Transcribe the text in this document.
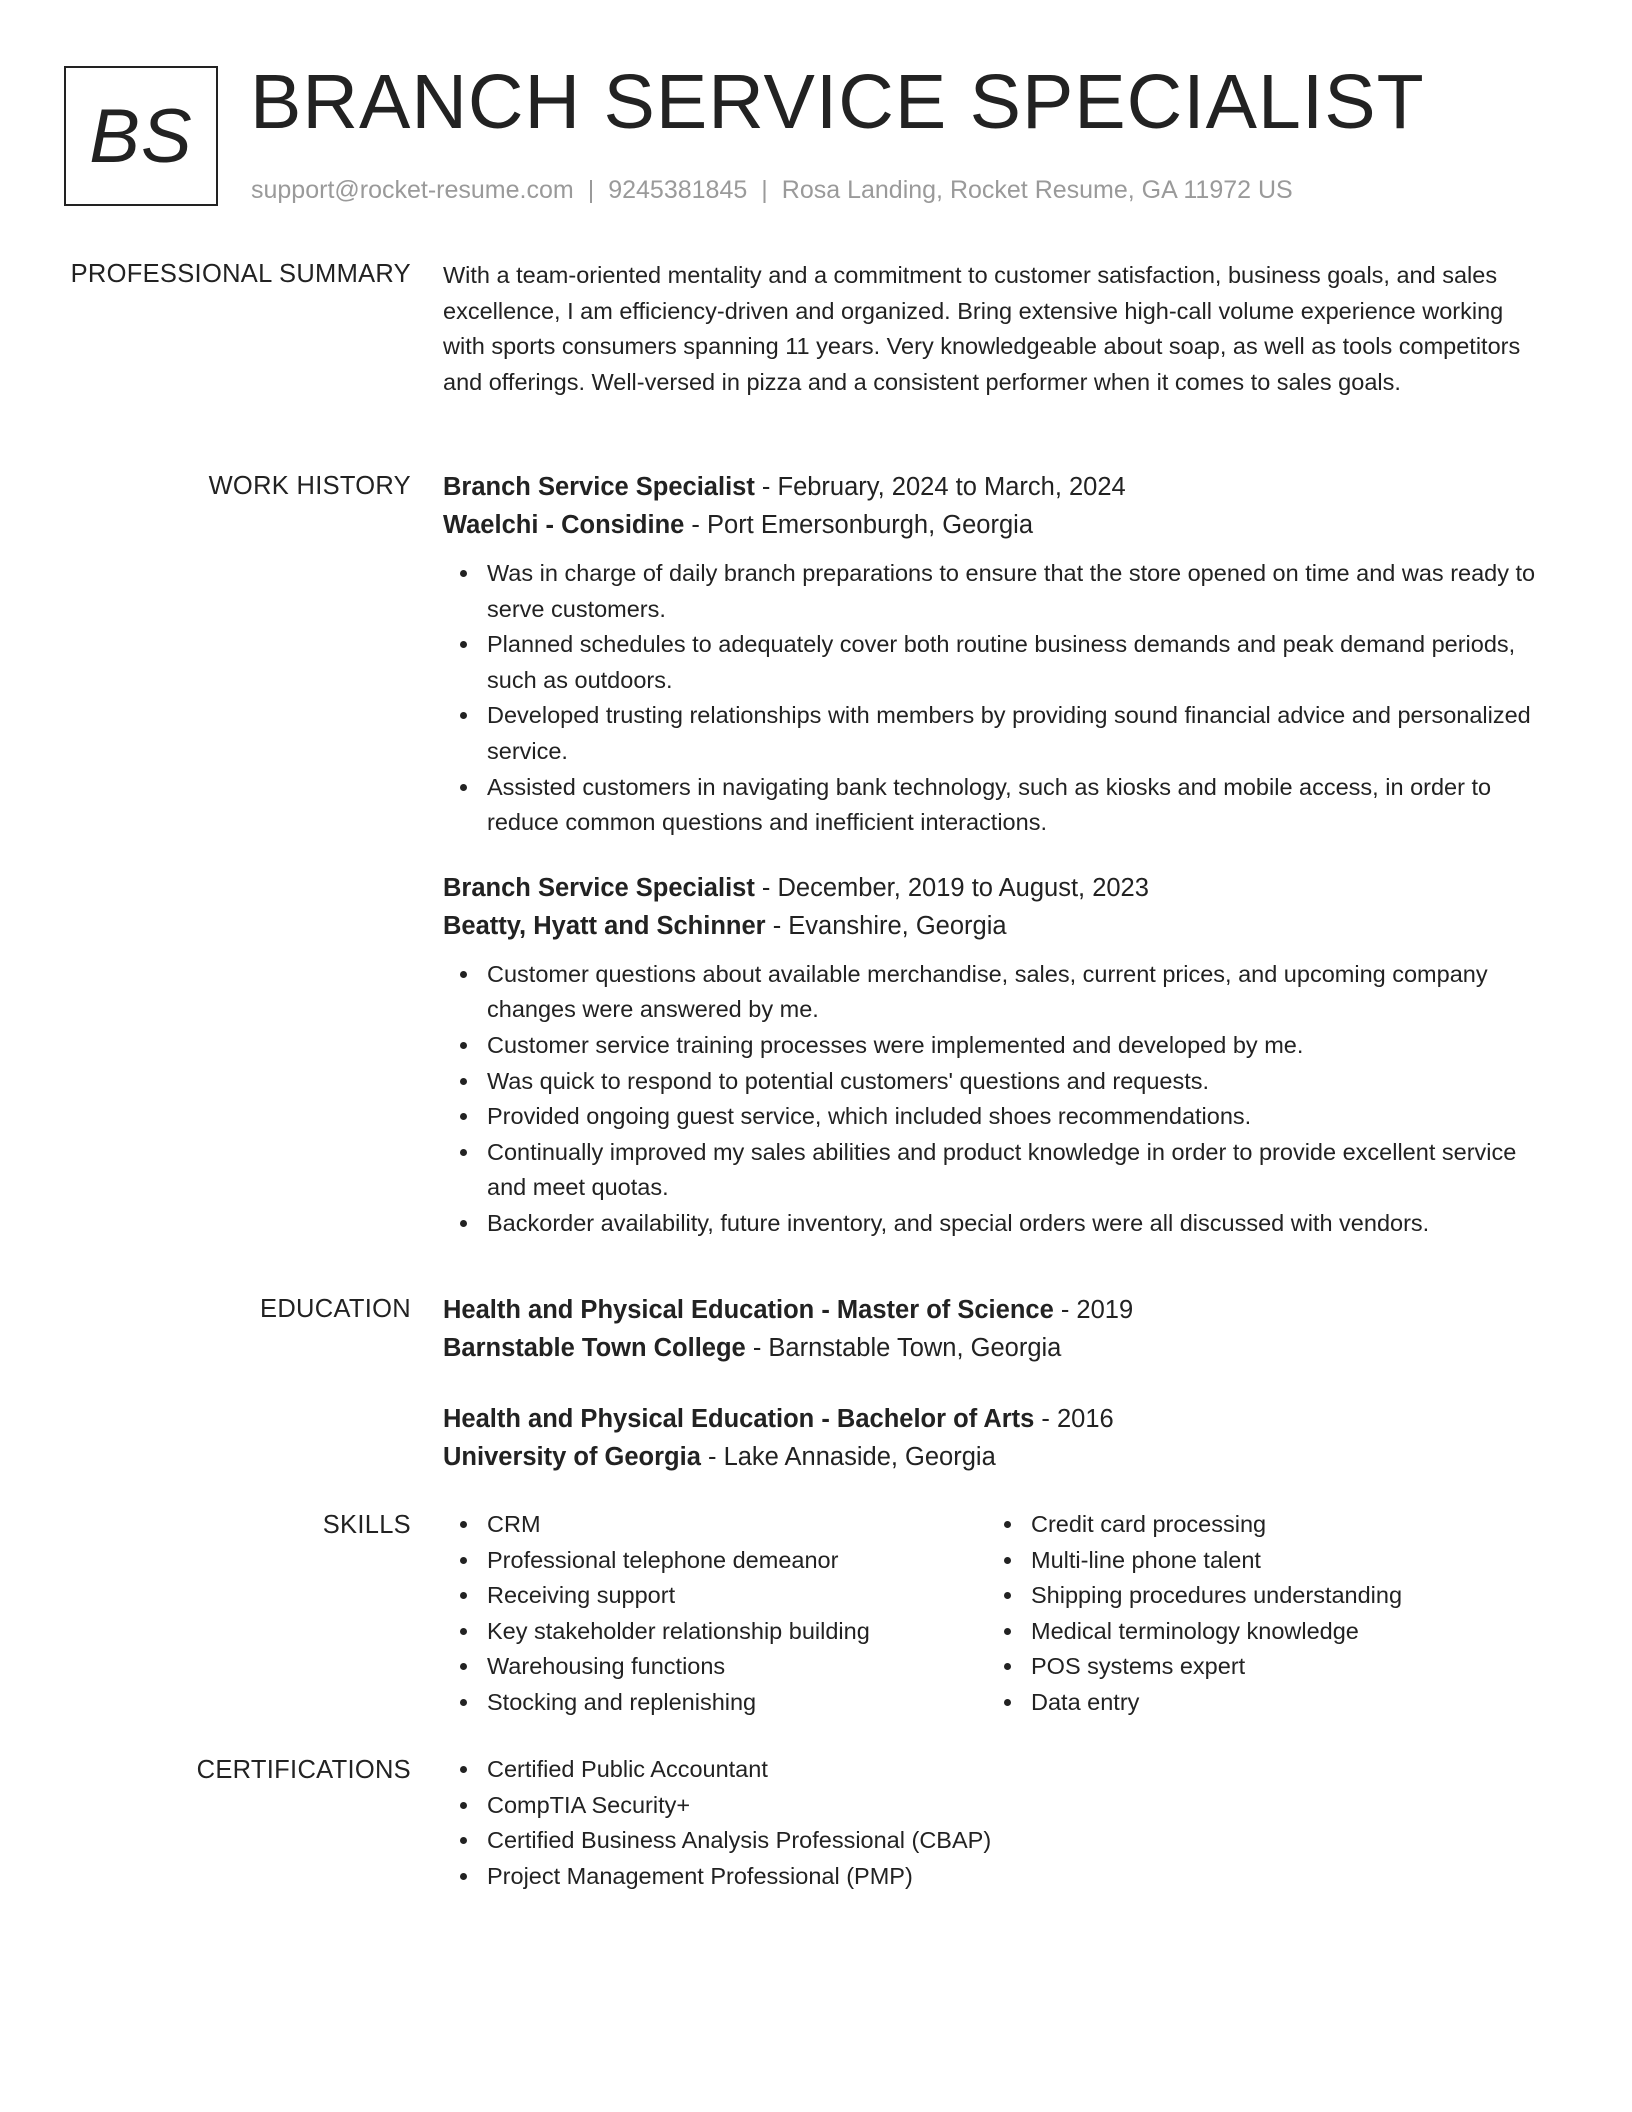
BS BRANCH SERVICE SPECIALIST
support@rocket-resume.com | 9245381845 | Rosa Landing, Rocket Resume, GA 11972 US
PROFESSIONAL SUMMARY With a team-oriented mentality and a commitment to customer satisfaction, business goals, and sales excellence, I am efficiency-driven and organized. Bring extensive high-call volume experience working with sports consumers spanning 11 years. Very knowledgeable about soap, as well as tools competitors and offerings. Well-versed in pizza and a consistent performer when it comes to sales goals.

WORK HISTORY Branch Service Specialist - February, 2024 to March, 2024
Waelchi - Considine - Port Emersonburgh, Georgia
Was in charge of daily branch preparations to ensure that the store opened on time and was ready to serve customers.
Planned schedules to adequately cover both routine business demands and peak demand periods, such as outdoors.
Developed trusting relationships with members by providing sound financial advice and personalized service.
Assisted customers in navigating bank technology, such as kiosks and mobile access, in order to reduce common questions and inefficient interactions.
Branch Service Specialist - December, 2019 to August, 2023
Beatty, Hyatt and Schinner - Evanshire, Georgia
Customer questions about available merchandise, sales, current prices, and upcoming company changes were answered by me.
Customer service training processes were implemented and developed by me.
Was quick to respond to potential customers' questions and requests.
Provided ongoing guest service, which included shoes recommendations.
Continually improved my sales abilities and product knowledge in order to provide excellent service and meet quotas.
Backorder availability, future inventory, and special orders were all discussed with vendors.
EDUCATION Health and Physical Education - Master of Science - 2019
Barnstable Town College - Barnstable Town, Georgia
Health and Physical Education - Bachelor of Arts - 2016
University of Georgia - Lake Annaside, Georgia
SKILLS	CRM
Professional telephone demeanor
Receiving support
Key stakeholder relationship building
Warehousing functions
Stocking and replenishing
Credit card processing
Multi-line phone talent
Shipping procedures understanding
Medical terminology knowledge
POS systems expert
Data entry
CERTIFICATIONS	Certified Public Accountant
CompTIA Security+
Certified Business Analysis Professional (CBAP)
Project Management Professional (PMP)
